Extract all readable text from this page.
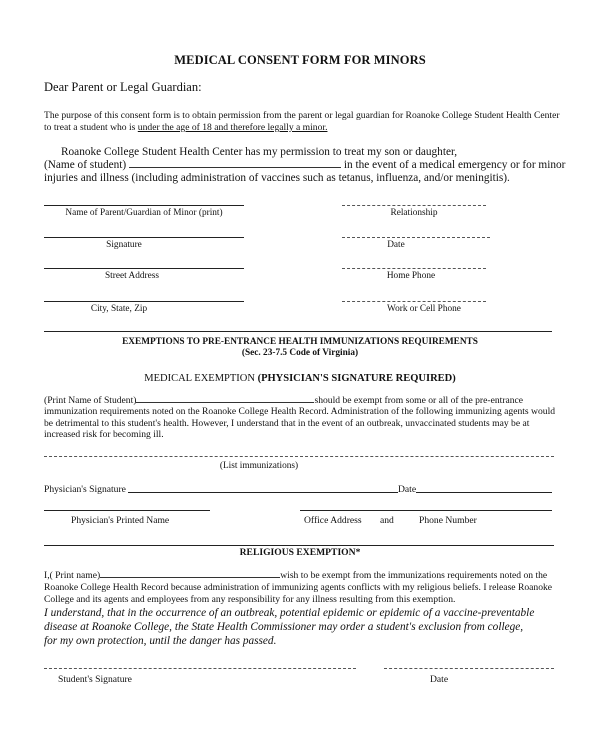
MEDICAL CONSENT FORM FOR MINORS
Dear Parent or Legal Guardian:
The purpose of this consent form is to obtain permission from the parent or legal guardian for Roanoke College Student Health Center
to treat a student who is under the age of 18 and therefore legally a minor.
Roanoke College Student Health Center has my permission to treat my son or daughter,
(Name of student)	in the event of a medical emergency or for minor
injuries and illness (including administration of vaccines such as tetanus, influenza, and/or meningitis).
Name of Parent/Guardian of Minor (print)	Relationship
Signature	Date
Street Address	Home Phone
City, State, Zip	Work or Cell Phone
EXEMPTIONS TO PRE-ENTRANCE HEALTH IMMUNIZATIONS REQUIREMENTS
(Sec. 23-7.5 Code of Virginia)
MEDICAL EXEMPTION (PHYSICIAN'S SIGNATURE REQUIRED)
(Print Name of Student)	should be exempt from some or all of the pre-entrance
immunization requirements noted on the Roanoke College Health Record. Administration of the following immunizing agents would
be detrimental to this student's health. However, I understand that in the event of an outbreak, unvaccinated students may be at
increased risk for becoming ill.
(List immunizations)
Physician's Signature	Date
Physician's Printed Name	Office Address and	Phone Number
RELIGIOUS EXEMPTION*
I,( Print name)	wish to be exempt from the immunizations requirements noted on the
Roanoke College Health Record because administration of immunizing agents conflicts with my religious beliefs. I release Roanoke
College and its agents and employees from any responsibility for any illness resulting from this exemption.
I understand, that in the occurrence of an outbreak, potential epidemic or epidemic of a vaccine-preventable
disease at Roanoke College, the State Health Commissioner may order a student's exclusion from college,
for my own protection, until the danger has passed.
Student's Signature	Date
